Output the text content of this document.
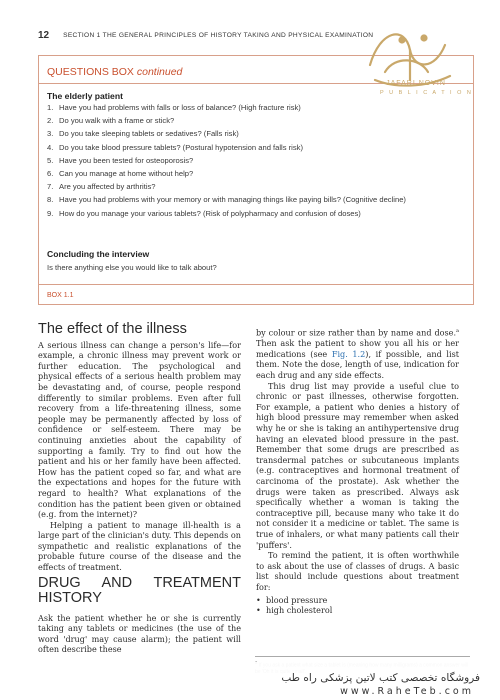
12 SECTION 1 THE GENERAL PRINCIPLES OF HISTORY TAKING AND PHYSICAL EXAMINATION
QUESTIONS BOX continued
The elderly patient
1. Have you had problems with falls or loss of balance? (High fracture risk)
2. Do you walk with a frame or stick?
3. Do you take sleeping tablets or sedatives? (Falls risk)
4. Do you take blood pressure tablets? (Postural hypotension and falls risk)
5. Have you been tested for osteoporosis?
6. Can you manage at home without help?
7. Are you affected by arthritis?
8. Have you had problems with your memory or with managing things like paying bills? (Cognitive decline)
9. How do you manage your various tablets? (Risk of polypharmacy and confusion of doses)
Concluding the interview
Is there anything else you would like to talk about?
BOX 1.1
JAFARI NOVIN
P U B L I C A T I O N
The effect of the illness

A serious illness can change a person's life—for example, a chronic illness may prevent work or further education. The psychological and physical effects of a serious health problem may be devastating and, of course, people respond differently to similar problems. Even after full recovery from a life-threatening illness, some people may be permanently affected by loss of confidence or self-esteem. There may be continuing anxieties about the capability of supporting a family. Try to find out how the patient and his or her family have been affected. How has the patient coped so far, and what are the expectations and hopes for the future with regard to health? What explanations of the condition has the patient been given or obtained (e.g. from the internet)?

Helping a patient to manage ill-health is a large part of the clinician's duty. This depends on sympathetic and realistic explanations of the probable future course of the disease and the effects of treatment.

DRUG AND TREATMENT HISTORY

Ask the patient whether he or she is currently taking any tablets or medicines (the use of the word 'drug' may cause alarm); the patient will often describe these

by colour or size rather than by name and dose.$^a$ Then ask the patient to show you all his or her medications (see Fig. 1.2), if possible, and list them. Note the dose, length of use, indication for each drug and any side effects.

This drug list may provide a useful clue to chronic or past illnesses, otherwise forgotten. For example, a patient who denies a history of high blood pressure may remember when asked why he or she is taking an antihypertensive drug having an elevated blood pressure in the past. Remember that some drugs are prescribed as transdermal patches or subcutaneous implants (e.g. contraceptives and hormonal treatment of carcinoma of the prostate). Ask whether the drugs were taken as prescribed. Always ask specifically whether a woman is taking the contraceptive pill, because many who take it do not consider it a medicine or tablet. The same is true of inhalers, or what many patients call their 'puffers'.

To remind the patient, it is often worthwhile to ask about the use of classes of drugs. A basic list should include questions about treatment for:

• blood pressure
• high cholesterol
فروشگاه تخصصی کتب لاتین پزشکی راه طب
www.RaheTeb.com
